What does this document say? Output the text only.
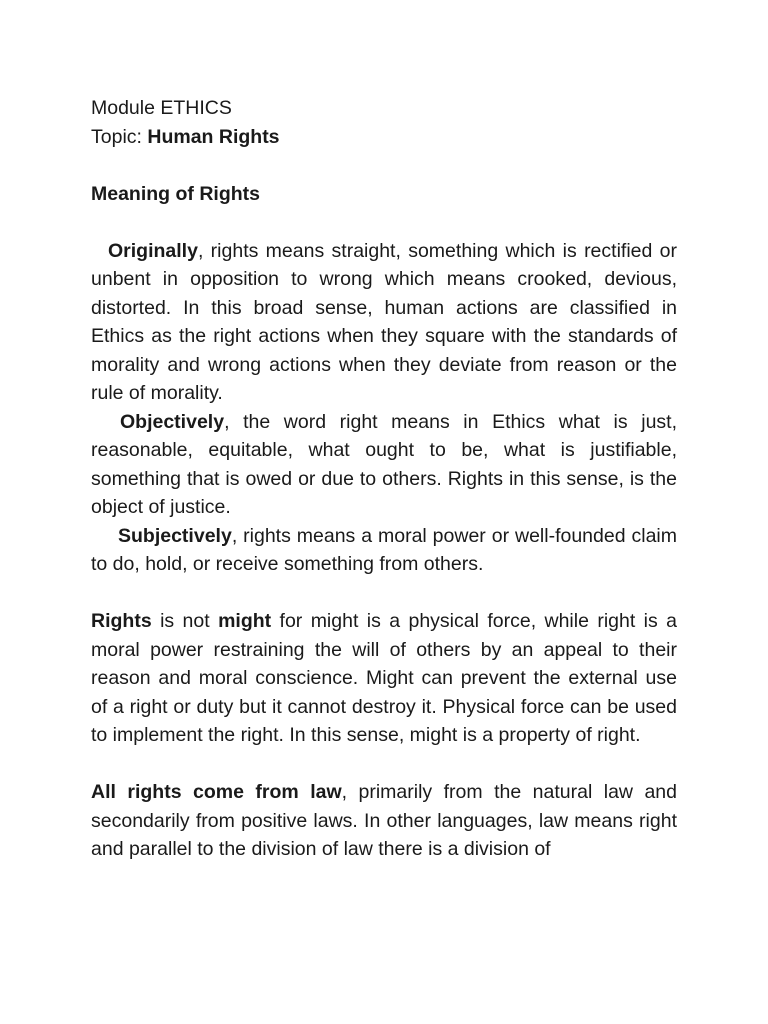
Module ETHICS

Topic: Human Rights

Meaning of Rights

Originally, rights means straight, something which is rectified or unbent in opposition to wrong which means crooked, devious, distorted. In this broad sense, human actions are classified in Ethics as the right actions when they square with the standards of morality and wrong actions when they deviate from reason or the rule of morality.

Objectively, the word right means in Ethics what is just, reasonable, equitable, what ought to be, what is justifiable, something that is owed or due to others. Rights in this sense, is the object of justice.

Subjectively, rights means a moral power or well-founded claim to do, hold, or receive something from others.

Rights is not might for might is a physical force, while right is a moral power restraining the will of others by an appeal to their reason and moral conscience. Might can prevent the external use of a right or duty but it cannot destroy it. Physical force can be used to implement the right. In this sense, might is a property of right.

All rights come from law, primarily from the natural law and secondarily from positive laws. In other languages, law means right and parallel to the division of law there is a division of
